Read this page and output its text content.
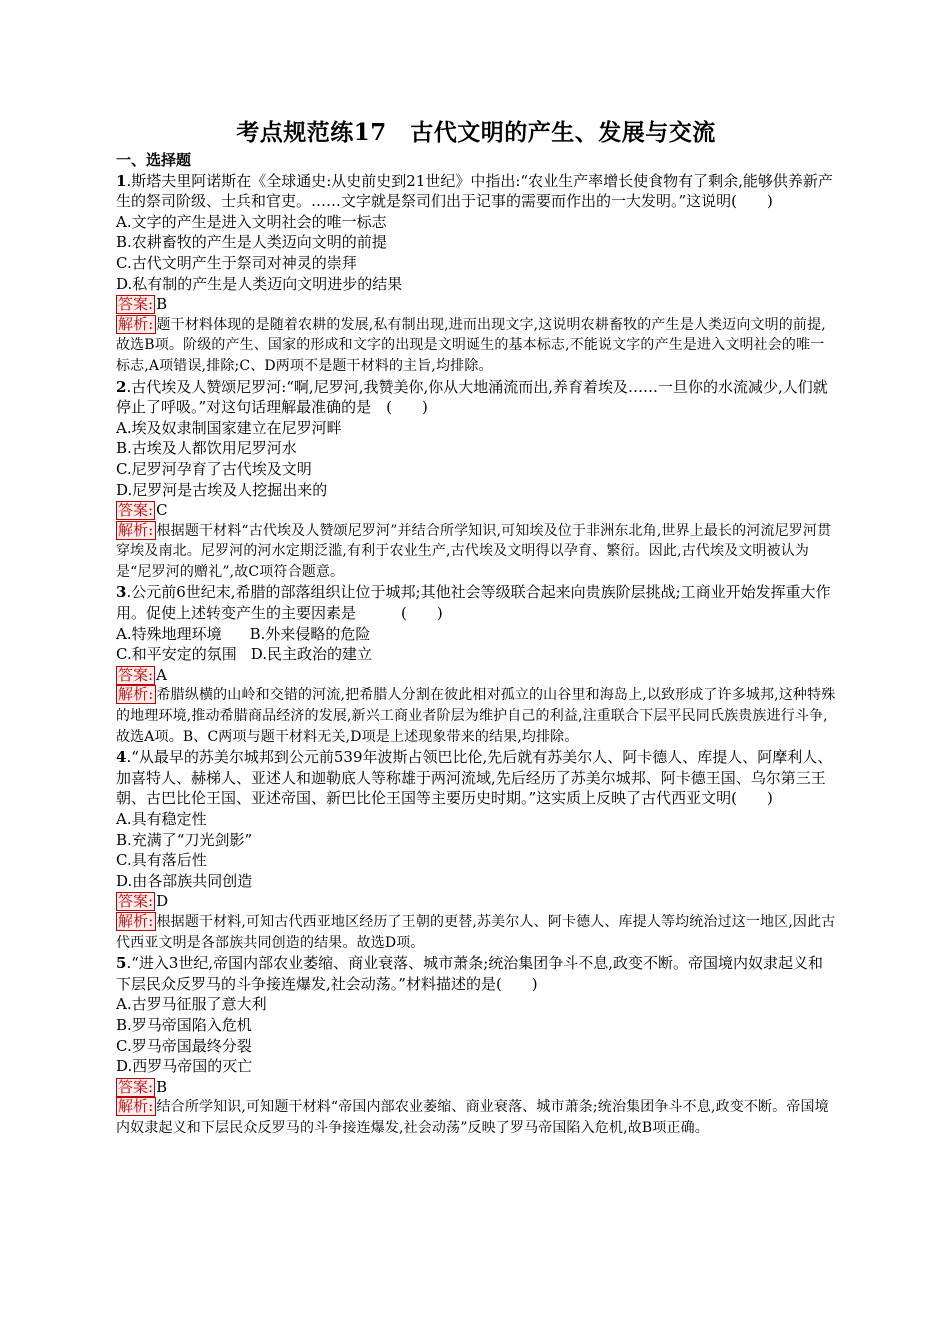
考点规范练17　古代文明的产生、发展与交流
一、选择题

1.斯塔夫里阿诺斯在《全球通史:从史前史到21世纪》中指出:“农业生产率增长使食物有了剩余,能够供养新产生的祭司阶级、士兵和官吏。……文字就是祭司们出于记事的需要而作出的一大发明。”这说明(　　)

A.文字的产生是进入文明社会的唯一标志

B.农耕畜牧的产生是人类迈向文明的前提

C.古代文明产生于祭司对神灵的崇拜

D.私有制的产生是人类迈向文明进步的结果

答案: B

解析: 题干材料体现的是随着农耕的发展,私有制出现,进而出现文字,这说明农耕畜牧的产生是人类迈向文明的前提,故选B项。阶级的产生、国家的形成和文字的出现是文明诞生的基本标志,不能说文字的产生是进入文明社会的唯一标志,A项错误,排除;C、D两项不是题干材料的主旨,均排除。

2.古代埃及人赞颂尼罗河:“啊,尼罗河,我赞美你,你从大地涌流而出,养育着埃及……一旦你的水流减少,人们就停止了呼吸。”对这句话理解最准确的是　(　　)

A.埃及奴隶制国家建立在尼罗河畔

B.古埃及人都饮用尼罗河水

C.尼罗河孕育了古代埃及文明

D.尼罗河是古埃及人挖掘出来的

答案: C

解析: 根据题干材料“古代埃及人赞颂尼罗河”并结合所学知识,可知埃及位于非洲东北角,世界上最长的河流尼罗河贯穿埃及南北。尼罗河的河水定期泛滥,有利于农业生产,古代埃及文明得以孕育、繁衍。因此,古代埃及文明被认为是“尼罗河的赠礼”,故C项符合题意。

3.公元前6世纪末,希腊的部落组织让位于城邦;其他社会等级联合起来向贵族阶层挑战;工商业开始发挥重大作用。促使上述转变产生的主要因素是　　　(　　)

A.特殊地理环境 B.外来侵略的危险

C.和平安定的氛围 D.民主政治的建立

答案: A

解析: 希腊纵横的山岭和交错的河流,把希腊人分割在彼此相对孤立的山谷里和海岛上,以致形成了许多城邦,这种特殊的地理环境,推动希腊商品经济的发展,新兴工商业者阶层为维护自己的利益,注重联合下层平民同氏族贵族进行斗争,故选A项。B、C两项与题干材料无关,D项是上述现象带来的结果,均排除。

4.“从最早的苏美尔城邦到公元前539年波斯占领巴比伦,先后就有苏美尔人、阿卡德人、库提人、阿摩利人、加喜特人、赫梯人、亚述人和迦勒底人等称雄于两河流域,先后经历了苏美尔城邦、阿卡德王国、乌尔第三王朝、古巴比伦王国、亚述帝国、新巴比伦王国等主要历史时期。”这实质上反映了古代西亚文明(　　)

A.具有稳定性

B.充满了“刀光剑影”

C.具有落后性

D.由各部族共同创造

答案: D

解析: 根据题干材料,可知古代西亚地区经历了王朝的更替,苏美尔人、阿卡德人、库提人等均统治过这一地区,因此古代西亚文明是各部族共同创造的结果。故选D项。

5.“进入3世纪,帝国内部农业萎缩、商业衰落、城市萧条;统治集团争斗不息,政变不断。帝国境内奴隶起义和下层民众反罗马的斗争接连爆发,社会动荡。”材料描述的是(　　)

A.古罗马征服了意大利

B.罗马帝国陷入危机

C.罗马帝国最终分裂

D.西罗马帝国的灭亡

答案: B

解析: 结合所学知识,可知题干材料“帝国内部农业萎缩、商业衰落、城市萧条;统治集团争斗不息,政变不断。帝国境内奴隶起义和下层民众反罗马的斗争接连爆发,社会动荡”反映了罗马帝国陷入危机,故B项正确。
